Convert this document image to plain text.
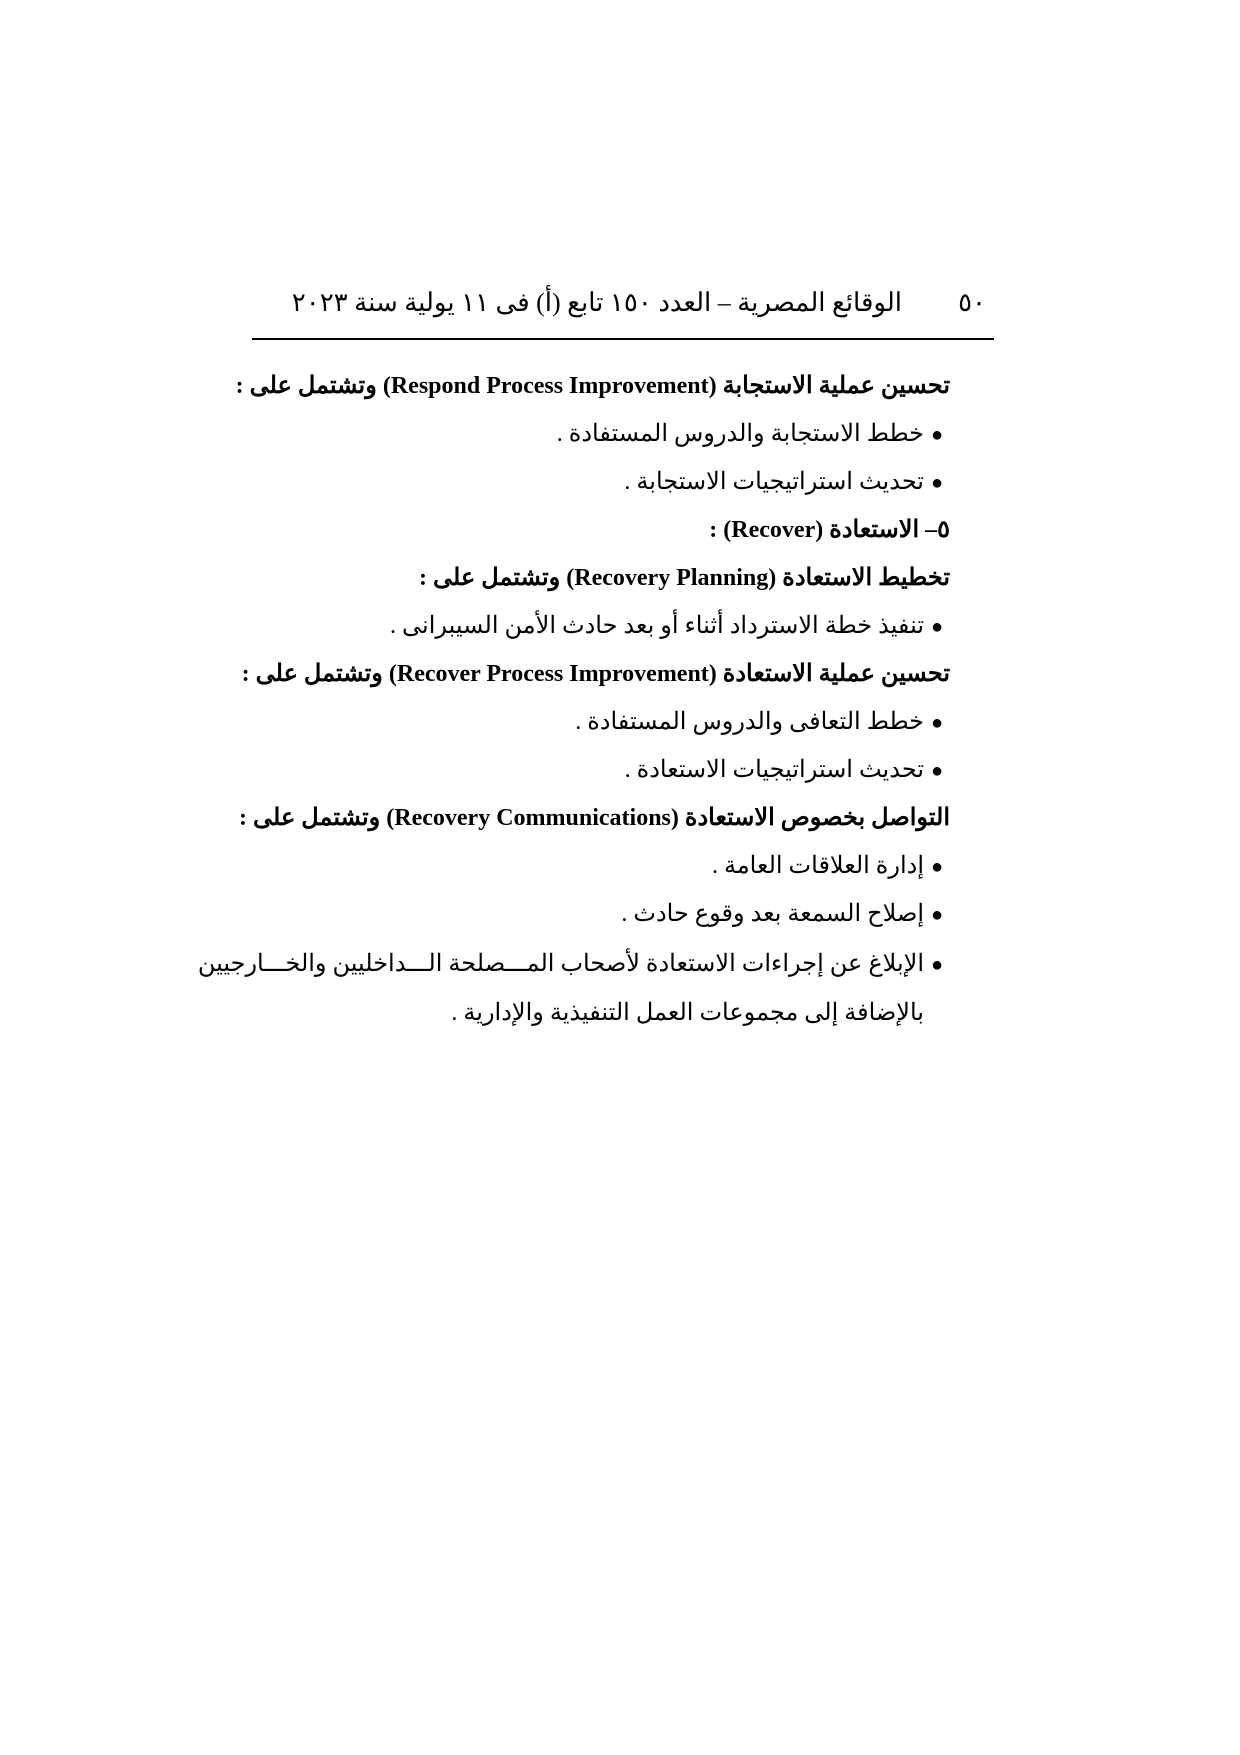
٥٠
الوقائع المصرية – العدد ١٥٠ تابع (أ) فى ١١ يولية سنة ٢٠٢٣
تحسين عملية الاستجابة (Respond Process Improvement) وتشتمل على :
●خطط الاستجابة والدروس المستفادة .
●تحديث استراتيجيات الاستجابة .
٥– الاستعادة (Recover) :
تخطيط الاستعادة (Recovery Planning) وتشتمل على :
●تنفيذ خطة الاسترداد أثناء أو بعد حادث الأمن السيبرانى .
تحسين عملية الاستعادة (Recover Process Improvement) وتشتمل على :
●خطط التعافى والدروس المستفادة .
●تحديث استراتيجيات الاستعادة .
التواصل بخصوص الاستعادة (Recovery Communications) وتشتمل على :
●إدارة العلاقات العامة .
●إصلاح السمعة بعد وقوع حادث .
●الإبلاغ عن إجراءات الاستعادة لأصحاب المـــصلحة الـــداخليين والخـــارجيين
بالإضافة إلى مجموعات العمل التنفيذية والإدارية .
